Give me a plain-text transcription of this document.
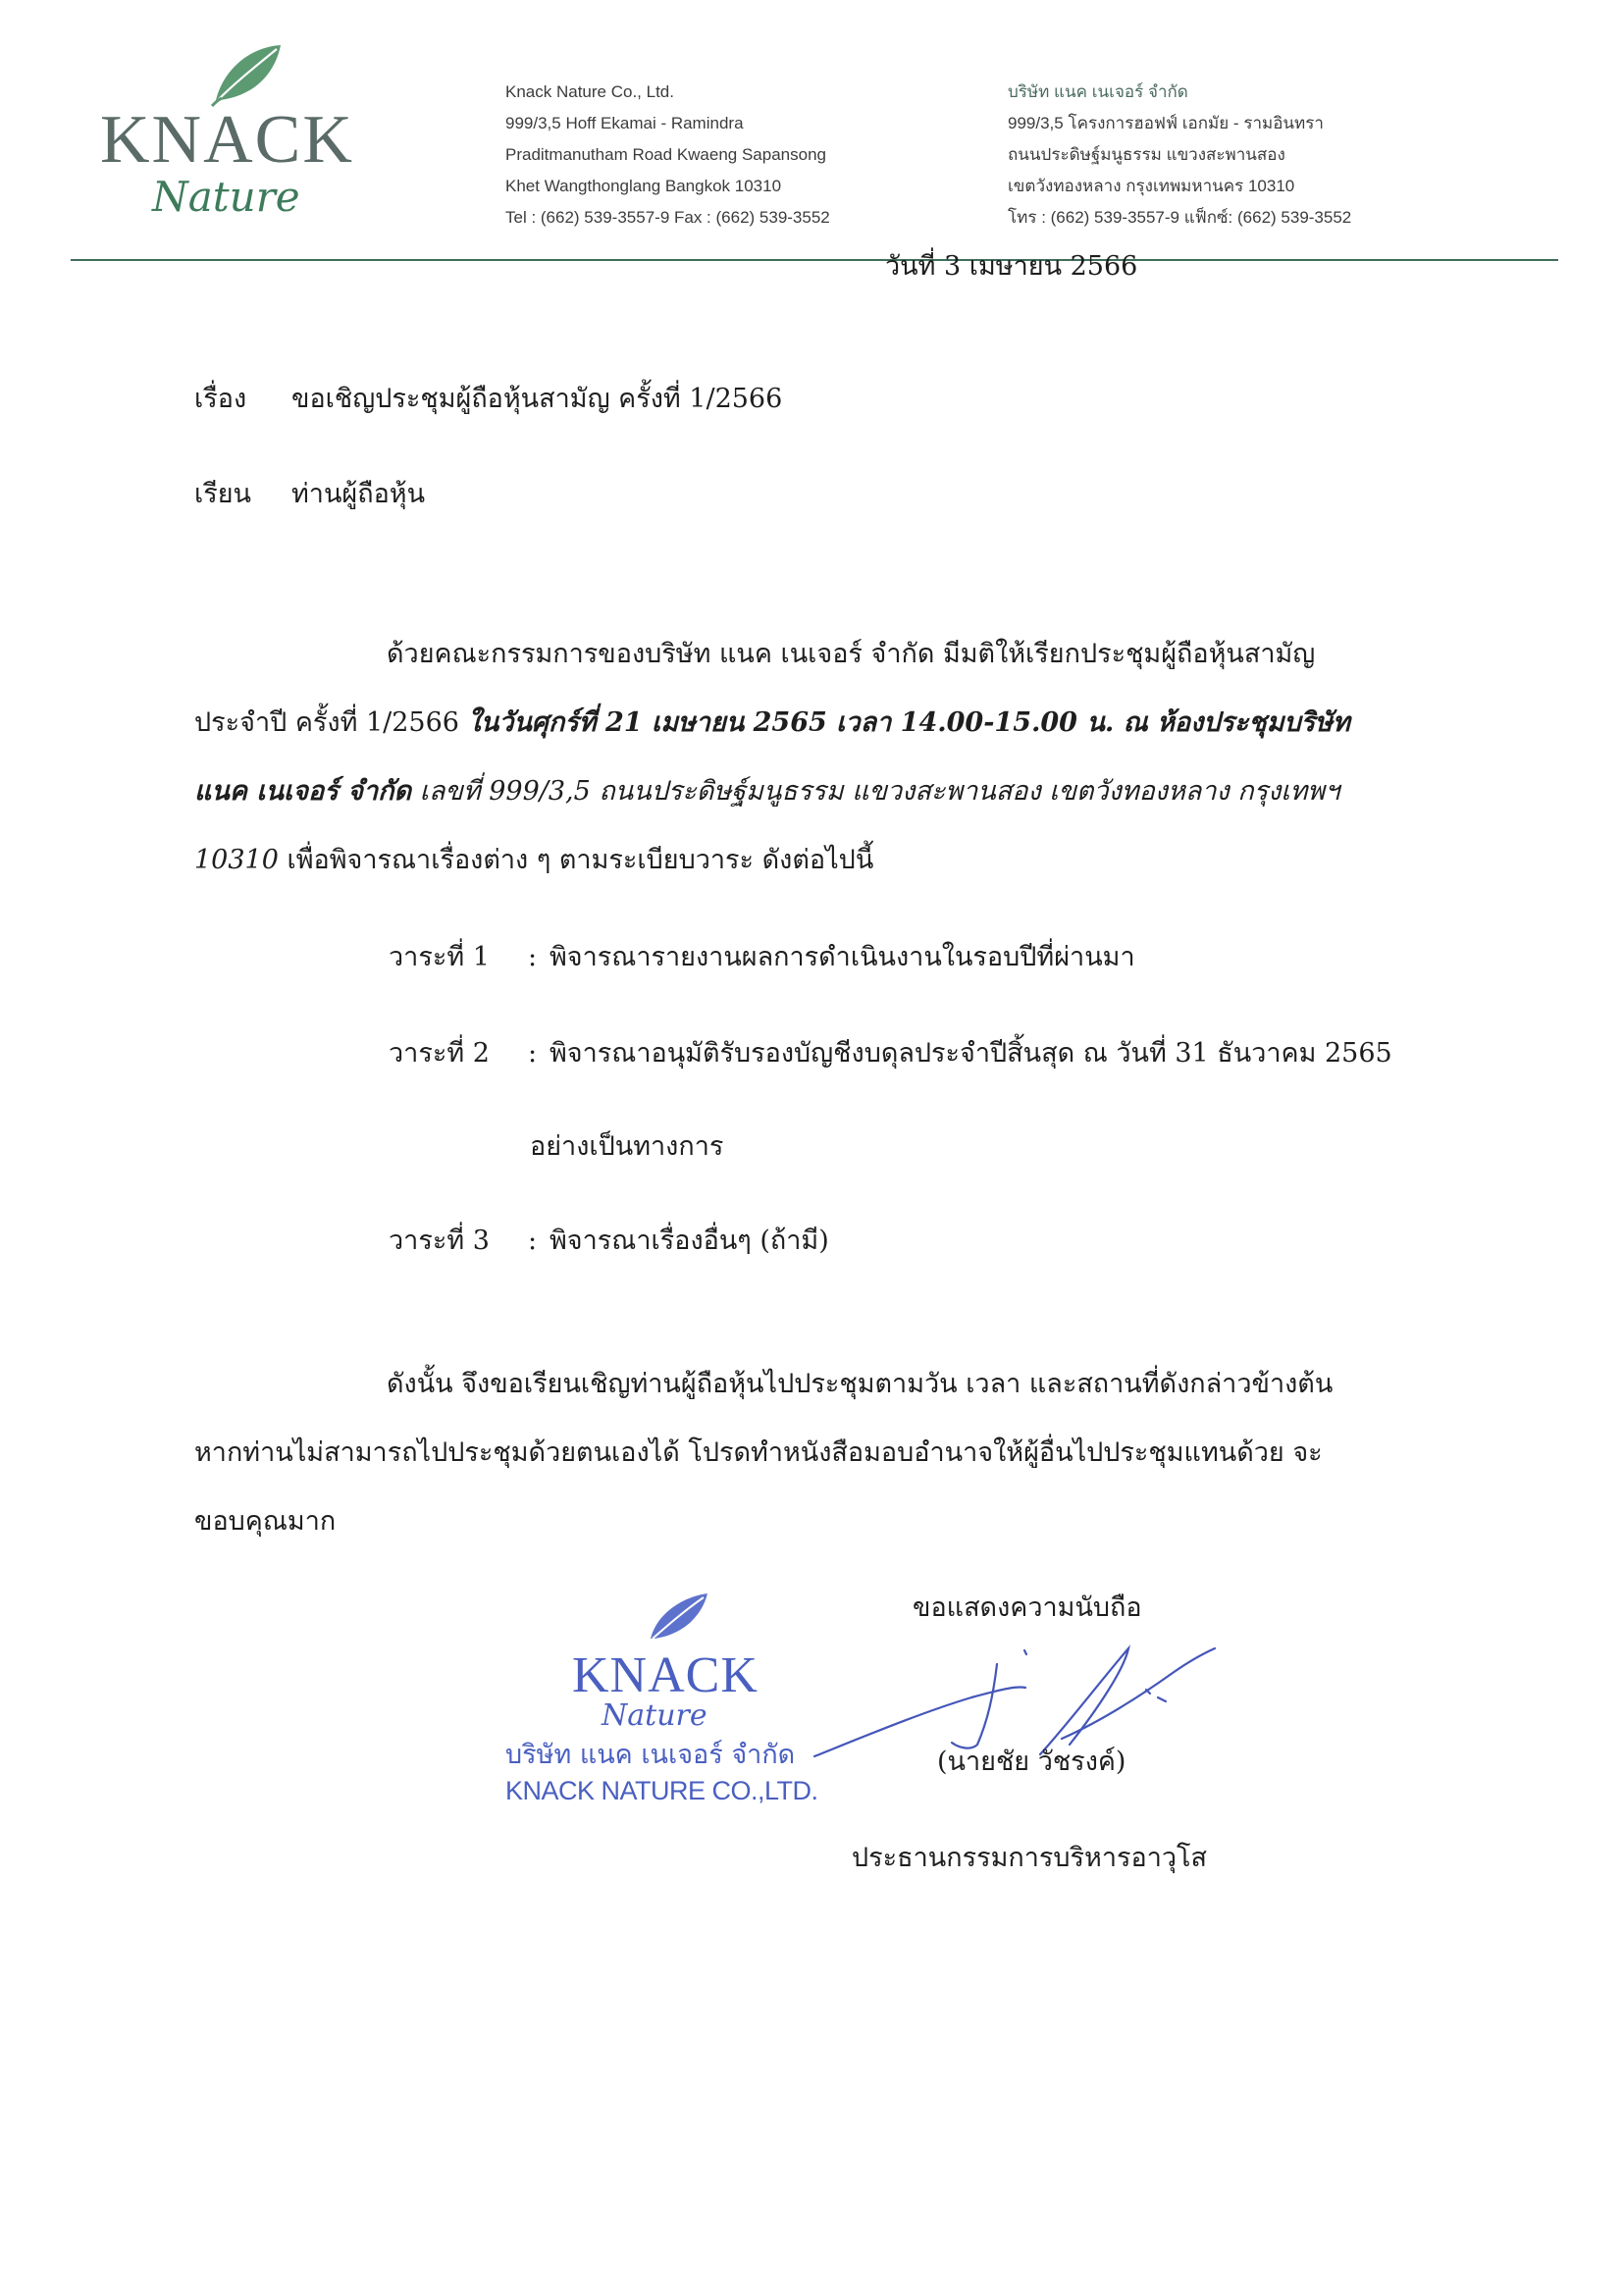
KNACK
Nature
Knack Nature Co., Ltd.
999/3,5 Hoff Ekamai - Ramindra
Praditmanutham Road Kwaeng Sapansong
Khet Wangthonglang Bangkok 10310
Tel : (662) 539-3557-9 Fax : (662) 539-3552
บริษัท แนค เนเจอร์ จำกัด
999/3,5 โครงการฮอฟฟ์ เอกมัย - รามอินทรา
ถนนประดิษฐ์มนูธรรม แขวงสะพานสอง
เขตวังทองหลาง กรุงเทพมหานคร 10310
โทร : (662) 539-3557-9 แฟ็กซ์: (662) 539-3552
วันที่ 3 เมษายน 2566
เรื่อง ขอเชิญประชุมผู้ถือหุ้นสามัญ ครั้งที่ 1/2566
เรียน ท่านผู้ถือหุ้น
ด้วยคณะกรรมการของบริษัท แนค เนเจอร์ จำกัด มีมติให้เรียกประชุมผู้ถือหุ้นสามัญ
ประจำปี ครั้งที่ 1/2566 ในวันศุกร์ที่ 21 เมษายน 2565 เวลา 14.00-15.00 น. ณ ห้องประชุมบริษัท
แนค เนเจอร์ จำกัด เลขที่ 999/3,5 ถนนประดิษฐ์มนูธรรม แขวงสะพานสอง เขตวังทองหลาง กรุงเทพฯ
10310 เพื่อพิจารณาเรื่องต่าง ๆ ตามระเบียบวาระ ดังต่อไปนี้
วาระที่ 1 : พิจารณารายงานผลการดำเนินงานในรอบปีที่ผ่านมา
วาระที่ 2 : พิจารณาอนุมัติรับรองบัญชีงบดุลประจำปีสิ้นสุด ณ วันที่ 31 ธันวาคม 2565
อย่างเป็นทางการ
วาระที่ 3 : พิจารณาเรื่องอื่นๆ (ถ้ามี)
ดังนั้น จึงขอเรียนเชิญท่านผู้ถือหุ้นไปประชุมตามวัน เวลา และสถานที่ดังกล่าวข้างต้น
หากท่านไม่สามารถไปประชุมด้วยตนเองได้ โปรดทำหนังสือมอบอำนาจให้ผู้อื่นไปประชุมแทนด้วย จะ
ขอบคุณมาก
KNACK
Nature
บริษัท แนค เนเจอร์ จำกัด
KNACK NATURE CO.,LTD.
ขอแสดงความนับถือ
(นายชัย วัชรงค์)
ประธานกรรมการบริหารอาวุโส
